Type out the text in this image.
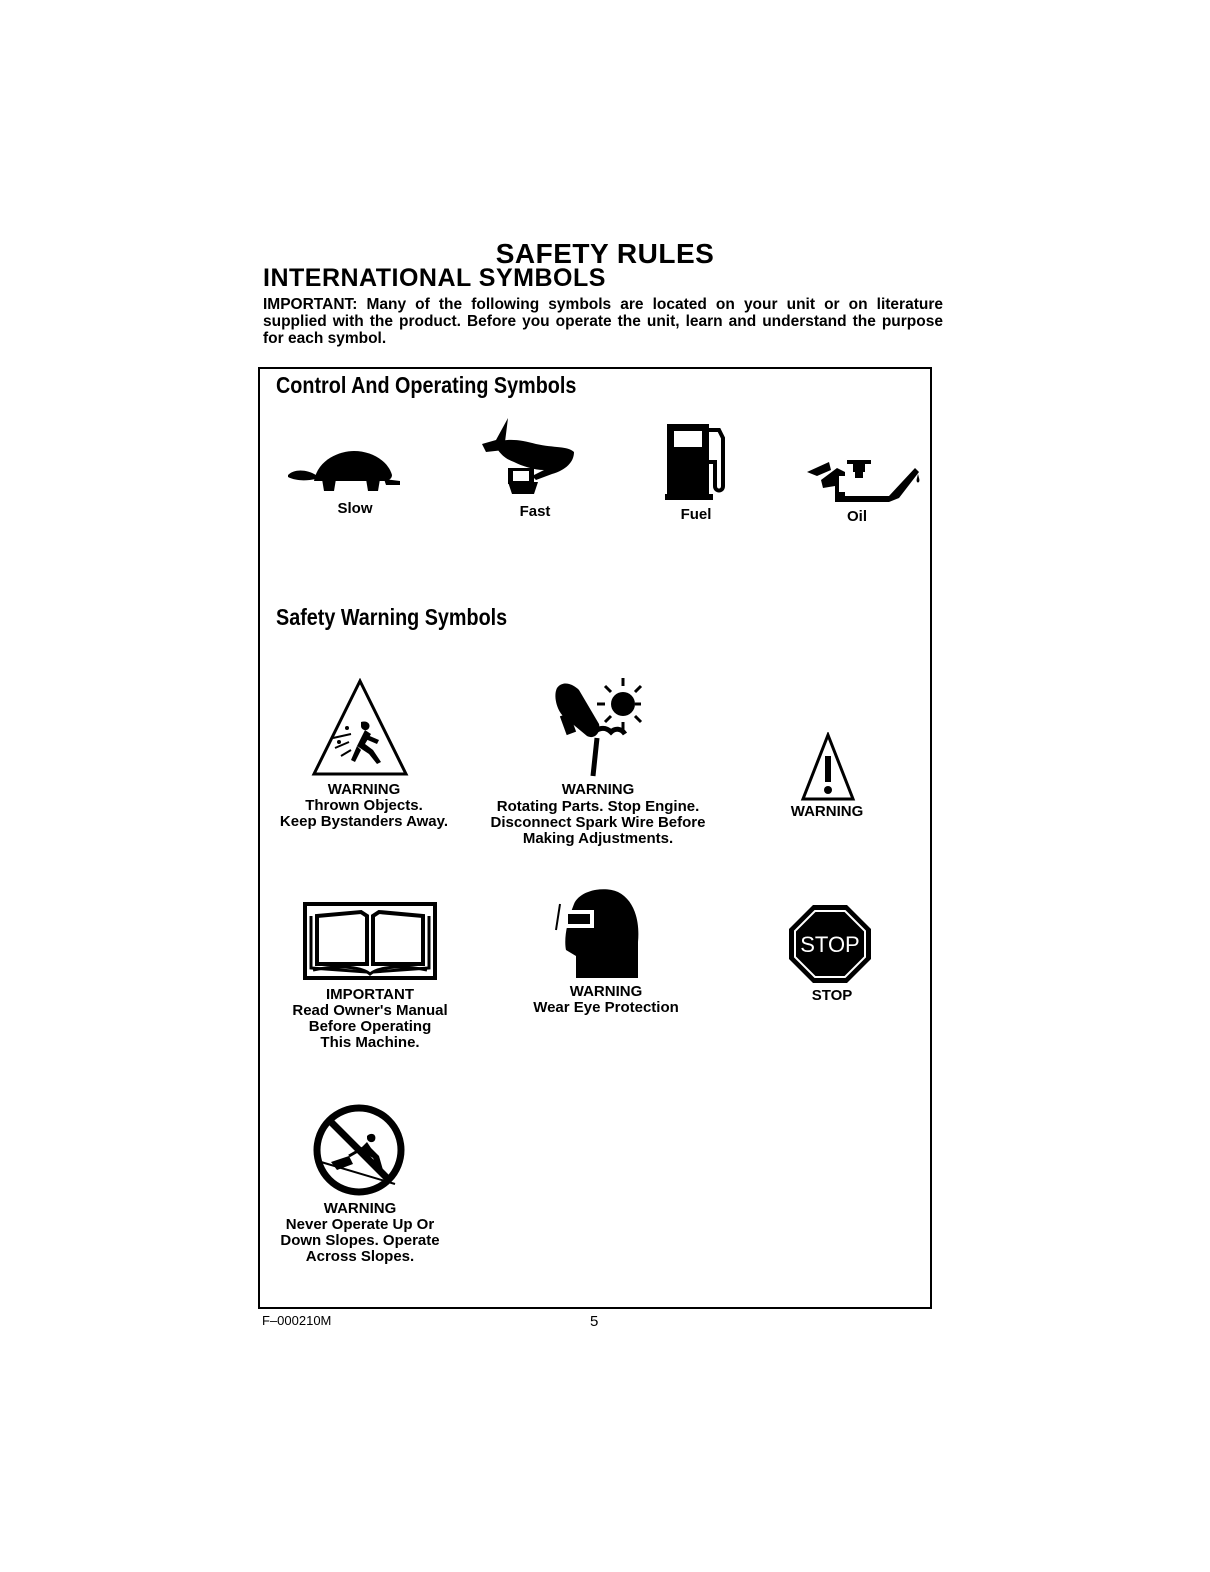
SAFETY RULES
INTERNATIONAL SYMBOLS
IMPORTANT: Many of the following symbols are located on your unit or on literature supplied with the product. Before you operate the unit, learn and understand the purpose for each symbol.
Control And Operating Symbols
Slow	Fast	Fuel	Oil
Safety Warning Symbols
WARNING
Thrown Objects.
Keep Bystanders Away.
WARNING
Rotating Parts. Stop Engine.
Disconnect Spark Wire Before
Making Adjustments.
WARNING
IMPORTANT
Read Owner's Manual
Before Operating
This Machine.
WARNING
Wear Eye Protection
STOP
STOP
WARNING
Never Operate Up Or
Down Slopes. Operate
Across Slopes.
F–000210M	5
